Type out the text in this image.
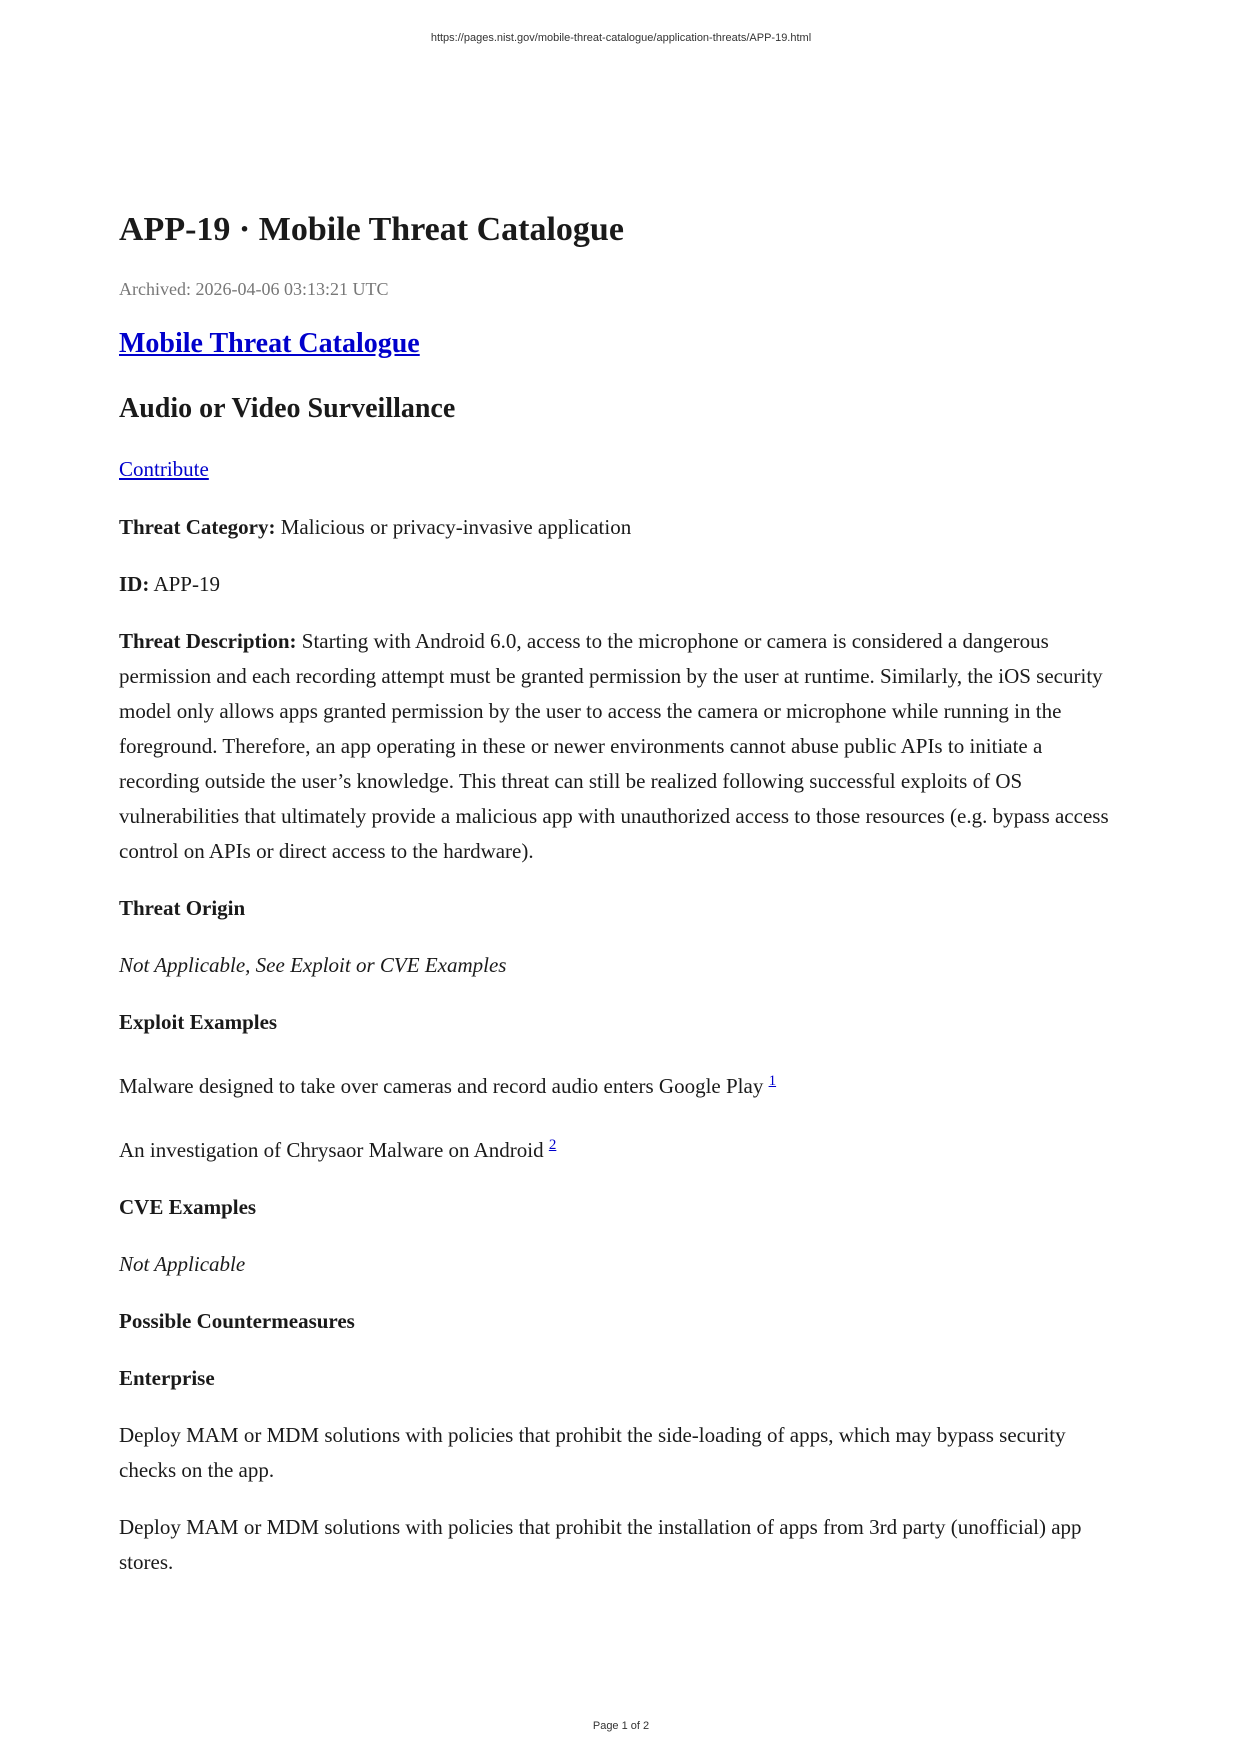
https://pages.nist.gov/mobile-threat-catalogue/application-threats/APP-19.html
APP-19 · Mobile Threat Catalogue
Archived: 2026-04-06 03:13:21 UTC
Mobile Threat Catalogue
Audio or Video Surveillance
Contribute

Threat Category: Malicious or privacy-invasive application

ID: APP-19

Threat Description: Starting with Android 6.0, access to the microphone or camera is considered a dangerous permission and each recording attempt must be granted permission by the user at runtime. Similarly, the iOS security model only allows apps granted permission by the user to access the camera or microphone while running in the foreground. Therefore, an app operating in these or newer environments cannot abuse public APIs to initiate a recording outside the user’s knowledge. This threat can still be realized following successful exploits of OS vulnerabilities that ultimately provide a malicious app with unauthorized access to those resources (e.g. bypass access control on APIs or direct access to the hardware).

Threat Origin

Not Applicable, See Exploit or CVE Examples

Exploit Examples

Malware designed to take over cameras and record audio enters Google Play $^1$

An investigation of Chrysaor Malware on Android $^2$

CVE Examples

Not Applicable

Possible Countermeasures

Enterprise

Deploy MAM or MDM solutions with policies that prohibit the side-loading of apps, which may bypass security checks on the app.

Deploy MAM or MDM solutions with policies that prohibit the installation of apps from 3rd party (unofficial) app stores.

Page 1 of 2
